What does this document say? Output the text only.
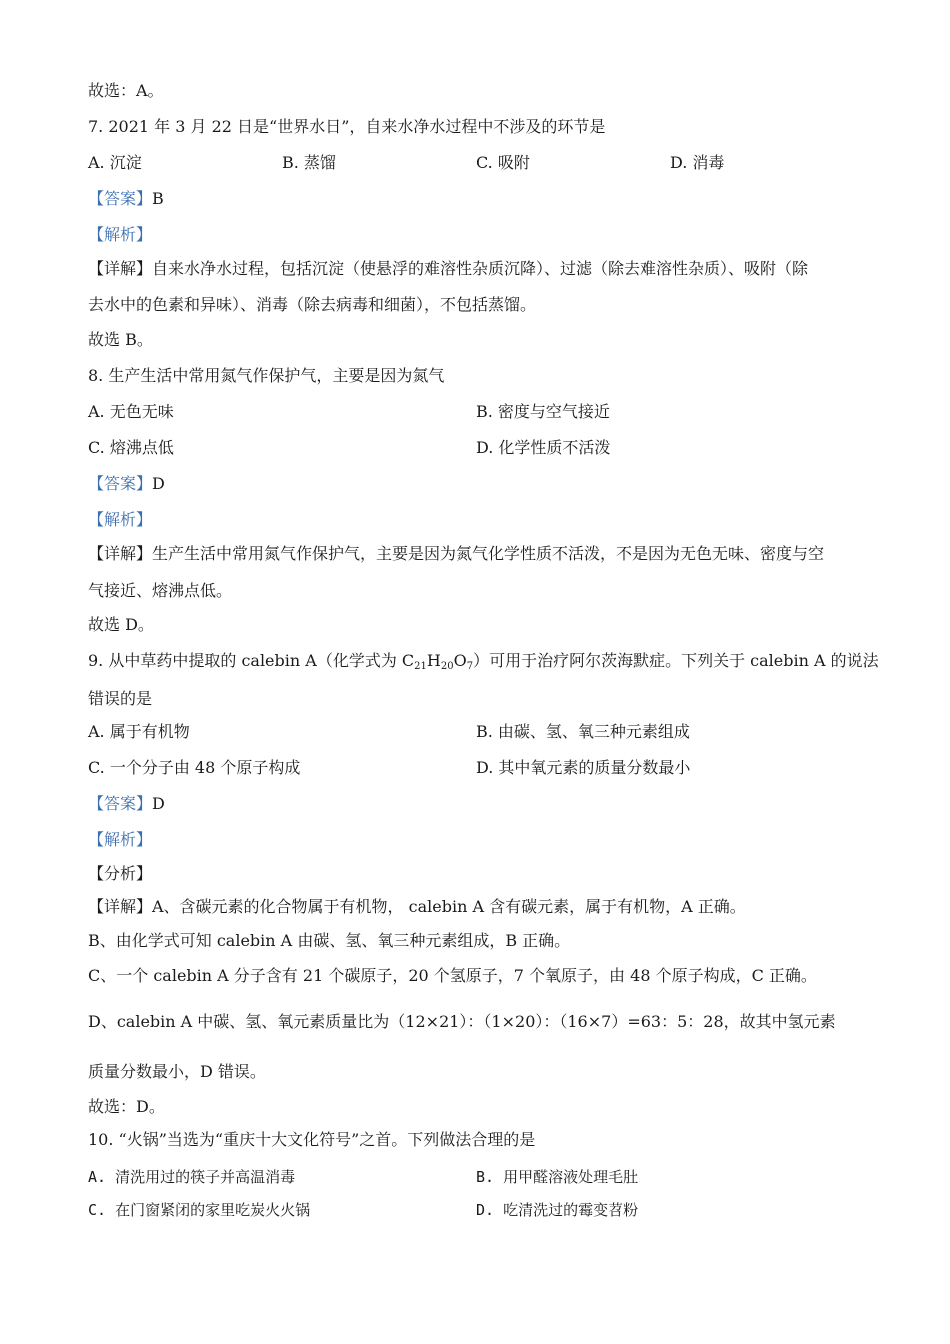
故选：A。
7. 2021 年 3 月 22 日是“世界水日”，自来水净水过程中不涉及的环节是
A. 沉淀	B. 蒸馏	C. 吸附	D. 消毒
【答案】B
【解析】
【详解】自来水净水过程，包括沉淀（使悬浮的难溶性杂质沉降）、过滤（除去难溶性杂质）、吸附（除
去水中的色素和异味）、消毒（除去病毒和细菌），不包括蒸馏。
故选 B。
8. 生产生活中常用氮气作保护气，主要是因为氮气
A. 无色无味	B. 密度与空气接近
C. 熔沸点低	D. 化学性质不活泼
【答案】D
【解析】
【详解】生产生活中常用氮气作保护气，主要是因为氮气化学性质不活泼，不是因为无色无味、密度与空
气接近、熔沸点低。
故选 D。
9. 从中草药中提取的 calebin A（化学式为 $C_{21}H_{20}O_7$）可用于治疗阿尔茨海默症。下列关于 calebin A 的说法
错误的是
A. 属于有机物	B. 由碳、氢、氧三种元素组成
C. 一个分子由 48 个原子构成	D. 其中氧元素的质量分数最小
【答案】D
【解析】
【分析】
【详解】A、含碳元素的化合物属于有机物， calebin A 含有碳元素，属于有机物，A 正确。
B、由化学式可知 calebin A 由碳、氢、氧三种元素组成，B 正确。
C、一个 calebin A 分子含有 21 个碳原子，20 个氢原子，7 个氧原子，由 48 个原子构成，C 正确。
D、calebin A 中碳、氢、氧元素质量比为（12×21）：（1×20）：（16×7）=63：5：28，故其中氢元素
质量分数最小，D 错误。
故选：D。
10. “火锅”当选为“重庆十大文化符号”之首。下列做法合理的是
A. 清洗用过的筷子并高温消毒	B. 用甲醛溶液处理毛肚
C. 在门窗紧闭的家里吃炭火火锅	D. 吃清洗过的霉变苕粉
